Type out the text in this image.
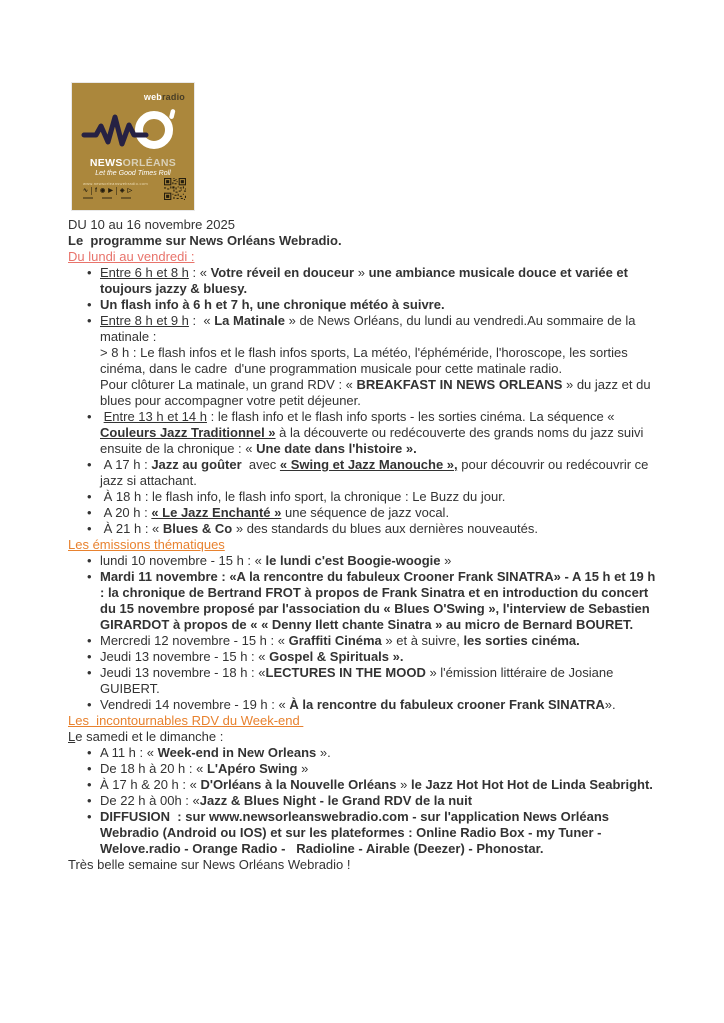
webradio
NEWSORLÉANS
Let the Good Times Roll
www.newsorleanswebradio.com
∿ f ◉ ▶ ◈ ▷
DU 10 au 16 novembre 2025
Le  programme sur News Orléans Webradio.
Du lundi au vendredi :
• Entre 6 h et 8 h : « Votre réveil en douceur » une ambiance musicale douce et variée et toujours jazzy & bluesy.
• Un flash info à 6 h et 7 h, une chronique météo à suivre.
• Entre 8 h et 9 h :  « La Matinale » de News Orléans, du lundi au vendredi.Au sommaire de la matinale :
> 8 h : Le flash infos et le flash infos sports, La météo, l'éphéméride, l'horoscope, les sorties cinéma, dans le cadre  d'une programmation musicale pour cette matinale radio.
Pour clôturer La matinale, un grand RDV : « BREAKFAST IN NEWS ORLEANS » du jazz et du blues pour accompagner votre petit déjeuner.
• Entre 13 h et 14 h : le flash info et le flash info sports - les sorties cinéma. La séquence « Couleurs Jazz Traditionnel » à la découverte ou redécouverte des grands noms du jazz suivi ensuite de la chronique : « Une date dans l'histoire ».
•  A 17 h : Jazz au goûter  avec « Swing et Jazz Manouche », pour découvrir ou redécouvrir ce jazz si attachant.
•  À 18 h : le flash info, le flash info sport, la chronique : Le Buzz du jour.
•  A 20 h : « Le Jazz Enchanté » une séquence de jazz vocal.
•  À 21 h : « Blues & Co » des standards du blues aux dernières nouveautés.
Les émissions thématiques
• lundi 10 novembre - 15 h : « le lundi c'est Boogie-woogie »
• Mardi 11 novembre : «A la rencontre du fabuleux Crooner Frank SINATRA» - A 15 h et 19 h : la chronique de Bertrand FROT à propos de Frank Sinatra et en introduction du concert du 15 novembre proposé par l'association du « Blues O'Swing », l'interview de Sebastien GIRARDOT à propos de « « Denny Ilett chante Sinatra » au micro de Bernard BOURET.
• Mercredi 12 novembre - 15 h : « Graffiti Cinéma » et à suivre, les sorties cinéma.
• Jeudi 13 novembre - 15 h : « Gospel & Spirituals ».
• Jeudi 13 novembre - 18 h : «LECTURES IN THE MOOD » l'émission littéraire de Josiane GUIBERT.
• Vendredi 14 novembre - 19 h : « À la rencontre du fabuleux crooner Frank SINATRA».
Les  incontournables RDV du Week-end
Le samedi et le dimanche :
• A 11 h : « Week-end in New Orleans ».
• De 18 h à 20 h : « L'Apéro Swing »
• À 17 h & 20 h : « D'Orléans à la Nouvelle Orléans » le Jazz Hot Hot Hot de Linda Seabright.
• De 22 h à 00h : «Jazz & Blues Night - le Grand RDV de la nuit
• DIFFUSION  : sur www.newsorleanswebradio.com - sur l'application News Orléans Webradio (Android ou IOS) et sur les plateformes : Online Radio Box - my Tuner - Welove.radio - Orange Radio -   Radioline - Airable (Deezer) - Phonostar.
Très belle semaine sur News Orléans Webradio !
